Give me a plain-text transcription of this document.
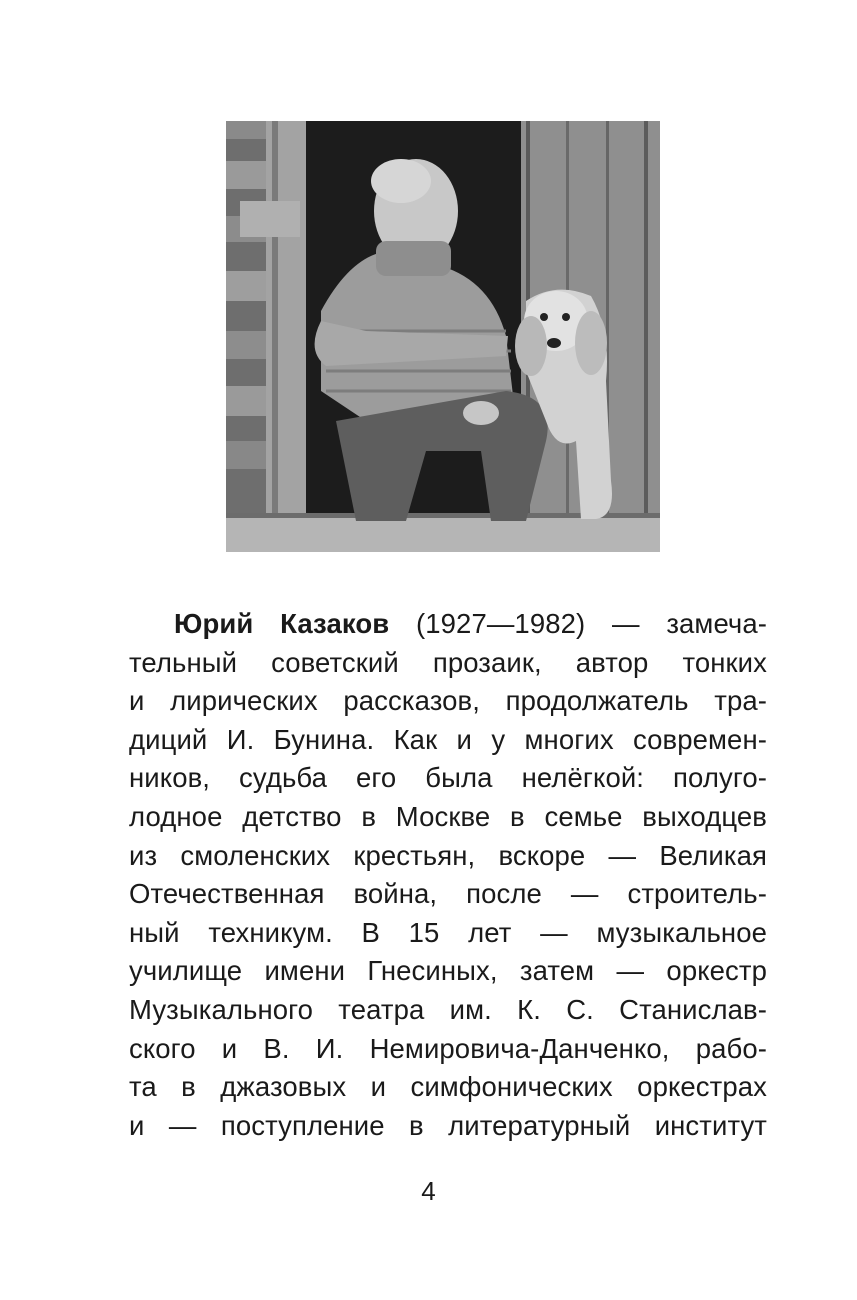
Юрий Казаков (1927—1982) — замеча-
тельный советский прозаик, автор тонких
и лирических рассказов, продолжатель тра-
диций И. Бунина. Как и у многих современ-
ников, судьба его была нелёгкой: полуго-
лодное детство в Москве в семье выходцев
из смоленских крестьян, вскоре — Великая
Отечественная война, после — строитель-
ный техникум. В 15 лет — музыкальное
училище имени Гнесиных, затем — оркестр
Музыкального театра им. К. С. Станислав-
ского и В. И. Немировича-Данченко, рабо-
та в джазовых и симфонических оркестрах
и — поступление в литературный институт
4
